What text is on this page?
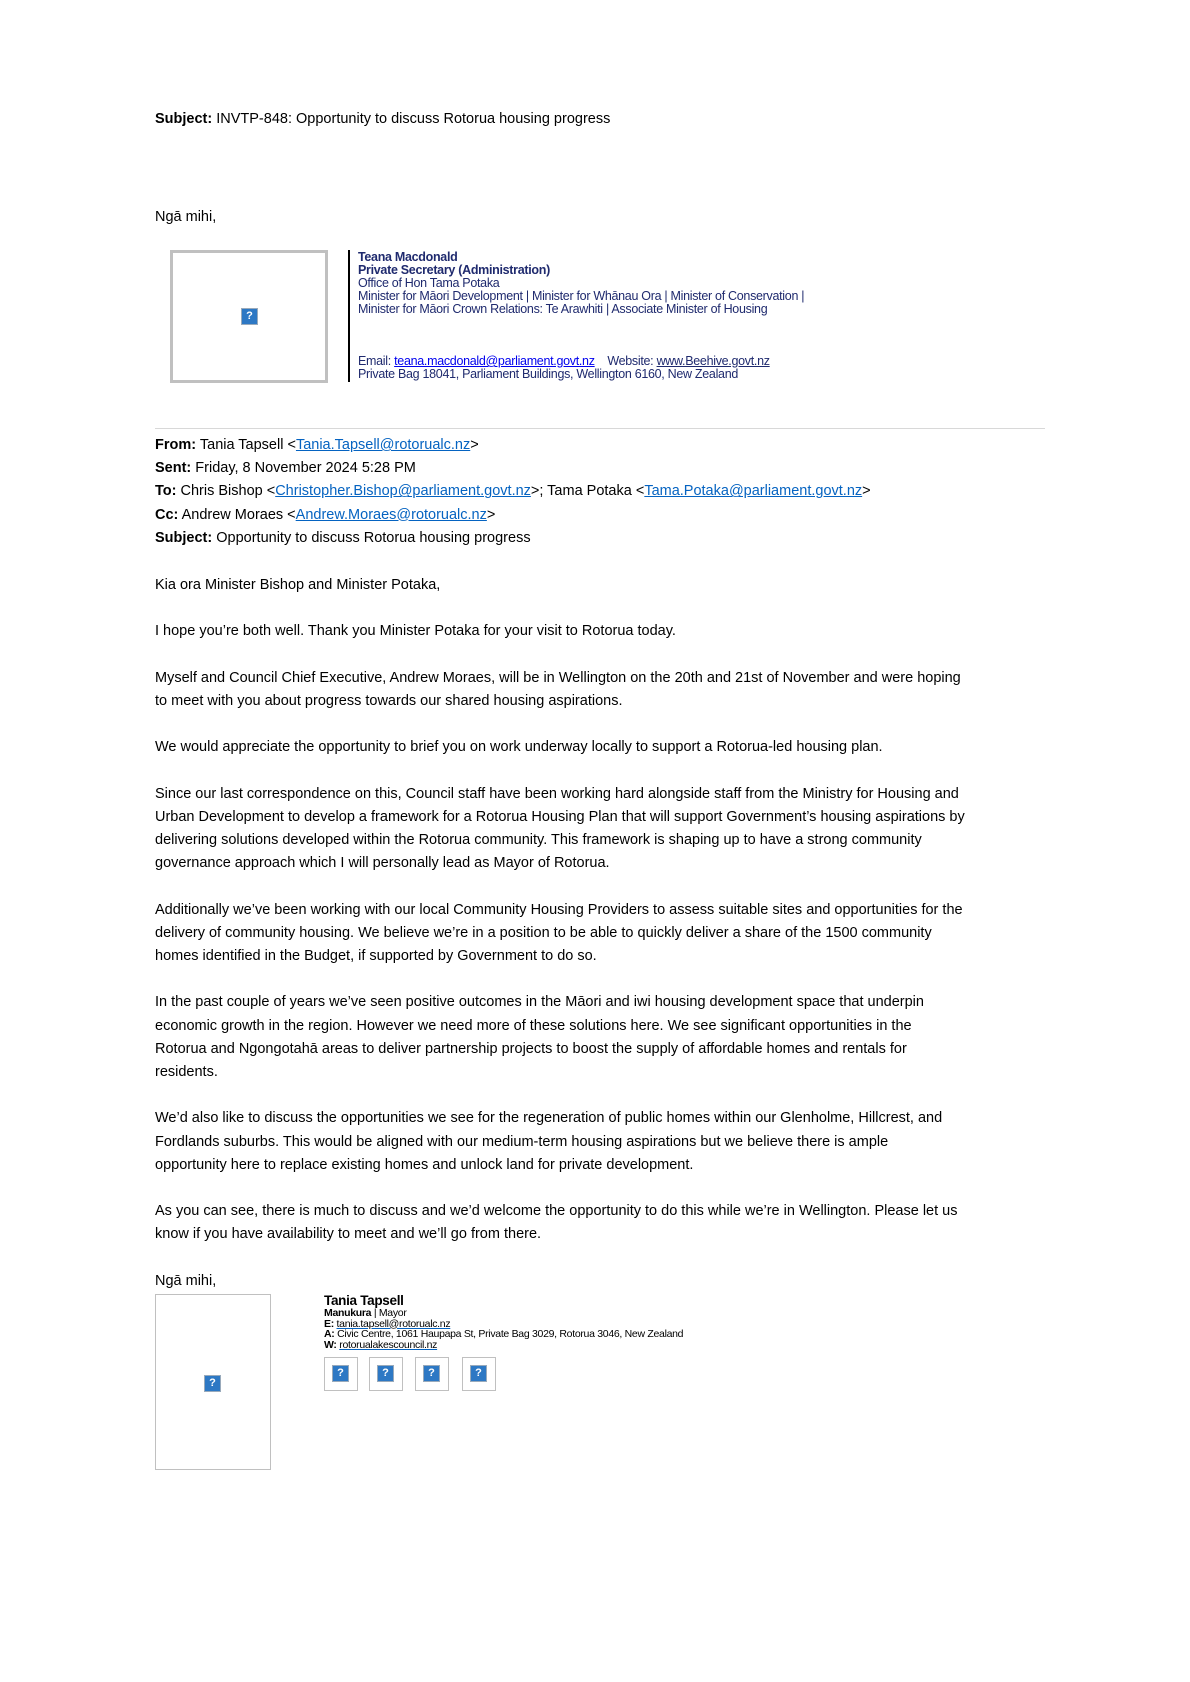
Subject: INVTP-848: Opportunity to discuss Rotorua housing progress
Ngā mihi,
?
Teana Macdonald
Private Secretary (Administration)
Office of Hon Tama Potaka
Minister for Māori Development | Minister for Whānau Ora | Minister of Conservation |
Minister for Māori Crown Relations: Te Arawhiti | Associate Minister of Housing
Email: teana.macdonald@parliament.govt.nz Website: www.Beehive.govt.nz
Private Bag 18041, Parliament Buildings, Wellington 6160, New Zealand
From: Tania Tapsell <Tania.Tapsell@rotorualc.nz>
Sent: Friday, 8 November 2024 5:28 PM
To: Chris Bishop <Christopher.Bishop@parliament.govt.nz>; Tama Potaka <Tama.Potaka@parliament.govt.nz>
Cc: Andrew Moraes <Andrew.Moraes@rotorualc.nz>
Subject: Opportunity to discuss Rotorua housing progress
Kia ora Minister Bishop and Minister Potaka,
I hope you’re both well. Thank you Minister Potaka for your visit to Rotorua today.
Myself and Council Chief Executive, Andrew Moraes, will be in Wellington on the 20th and 21st of November and were hoping
to meet with you about progress towards our shared housing aspirations.
We would appreciate the opportunity to brief you on work underway locally to support a Rotorua-led housing plan.
Since our last correspondence on this, Council staff have been working hard alongside staff from the Ministry for Housing and
Urban Development to develop a framework for a Rotorua Housing Plan that will support Government’s housing aspirations by
delivering solutions developed within the Rotorua community. This framework is shaping up to have a strong community
governance approach which I will personally lead as Mayor of Rotorua.
Additionally we’ve been working with our local Community Housing Providers to assess suitable sites and opportunities for the
delivery of community housing. We believe we’re in a position to be able to quickly deliver a share of the 1500 community
homes identified in the Budget, if supported by Government to do so.
In the past couple of years we’ve seen positive outcomes in the Māori and iwi housing development space that underpin
economic growth in the region. However we need more of these solutions here. We see significant opportunities in the
Rotorua and Ngongotahā areas to deliver partnership projects to boost the supply of affordable homes and rentals for
residents.
We’d also like to discuss the opportunities we see for the regeneration of public homes within our Glenholme, Hillcrest, and
Fordlands suburbs. This would be aligned with our medium-term housing aspirations but we believe there is ample
opportunity here to replace existing homes and unlock land for private development.
As you can see, there is much to discuss and we’d welcome the opportunity to do this while we’re in Wellington. Please let us
know if you have availability to meet and we’ll go from there.
Ngā mihi,
?
Tania Tapsell
Manukura | Mayor
E: tania.tapsell@rotorualc.nz
A: Civic Centre, 1061 Haupapa St, Private Bag 3029, Rotorua 3046, New Zealand
W: rotorualakescouncil.nz
?	?	?	?
